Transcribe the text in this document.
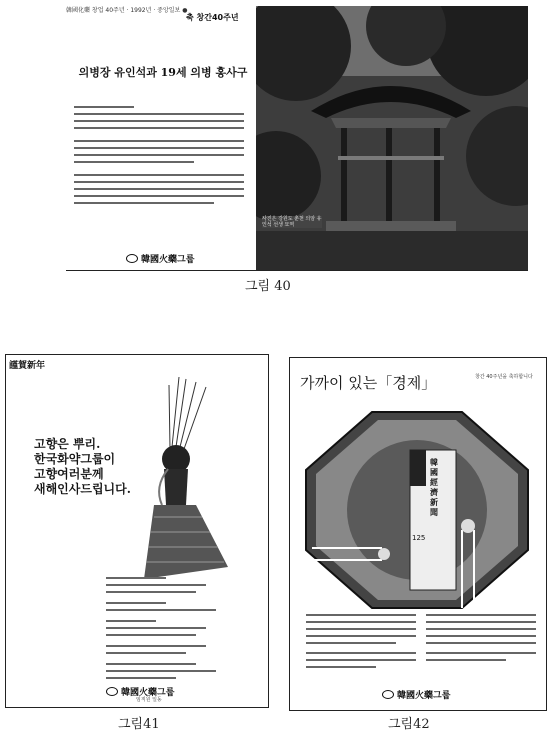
韓國化藥 창업 40주년 · 1992년 · 중앙일보 ●
축 창간40주년
사진은 강원도 춘천 의암 유인석 선생 묘역
의병장 유인석과 19세 의병 홍사구
韓國火藥그룹
그림 40
謹賀新年
고향은 뿌리.
한국화약그룹이
고향여러분께
새해인사드립니다.
韓國火藥그룹
임직원 일동
그림41
창간 40주년을 축하합니다
가까이 있는「경제」
韓國經濟新聞
125
韓國火藥그룹
그림42
